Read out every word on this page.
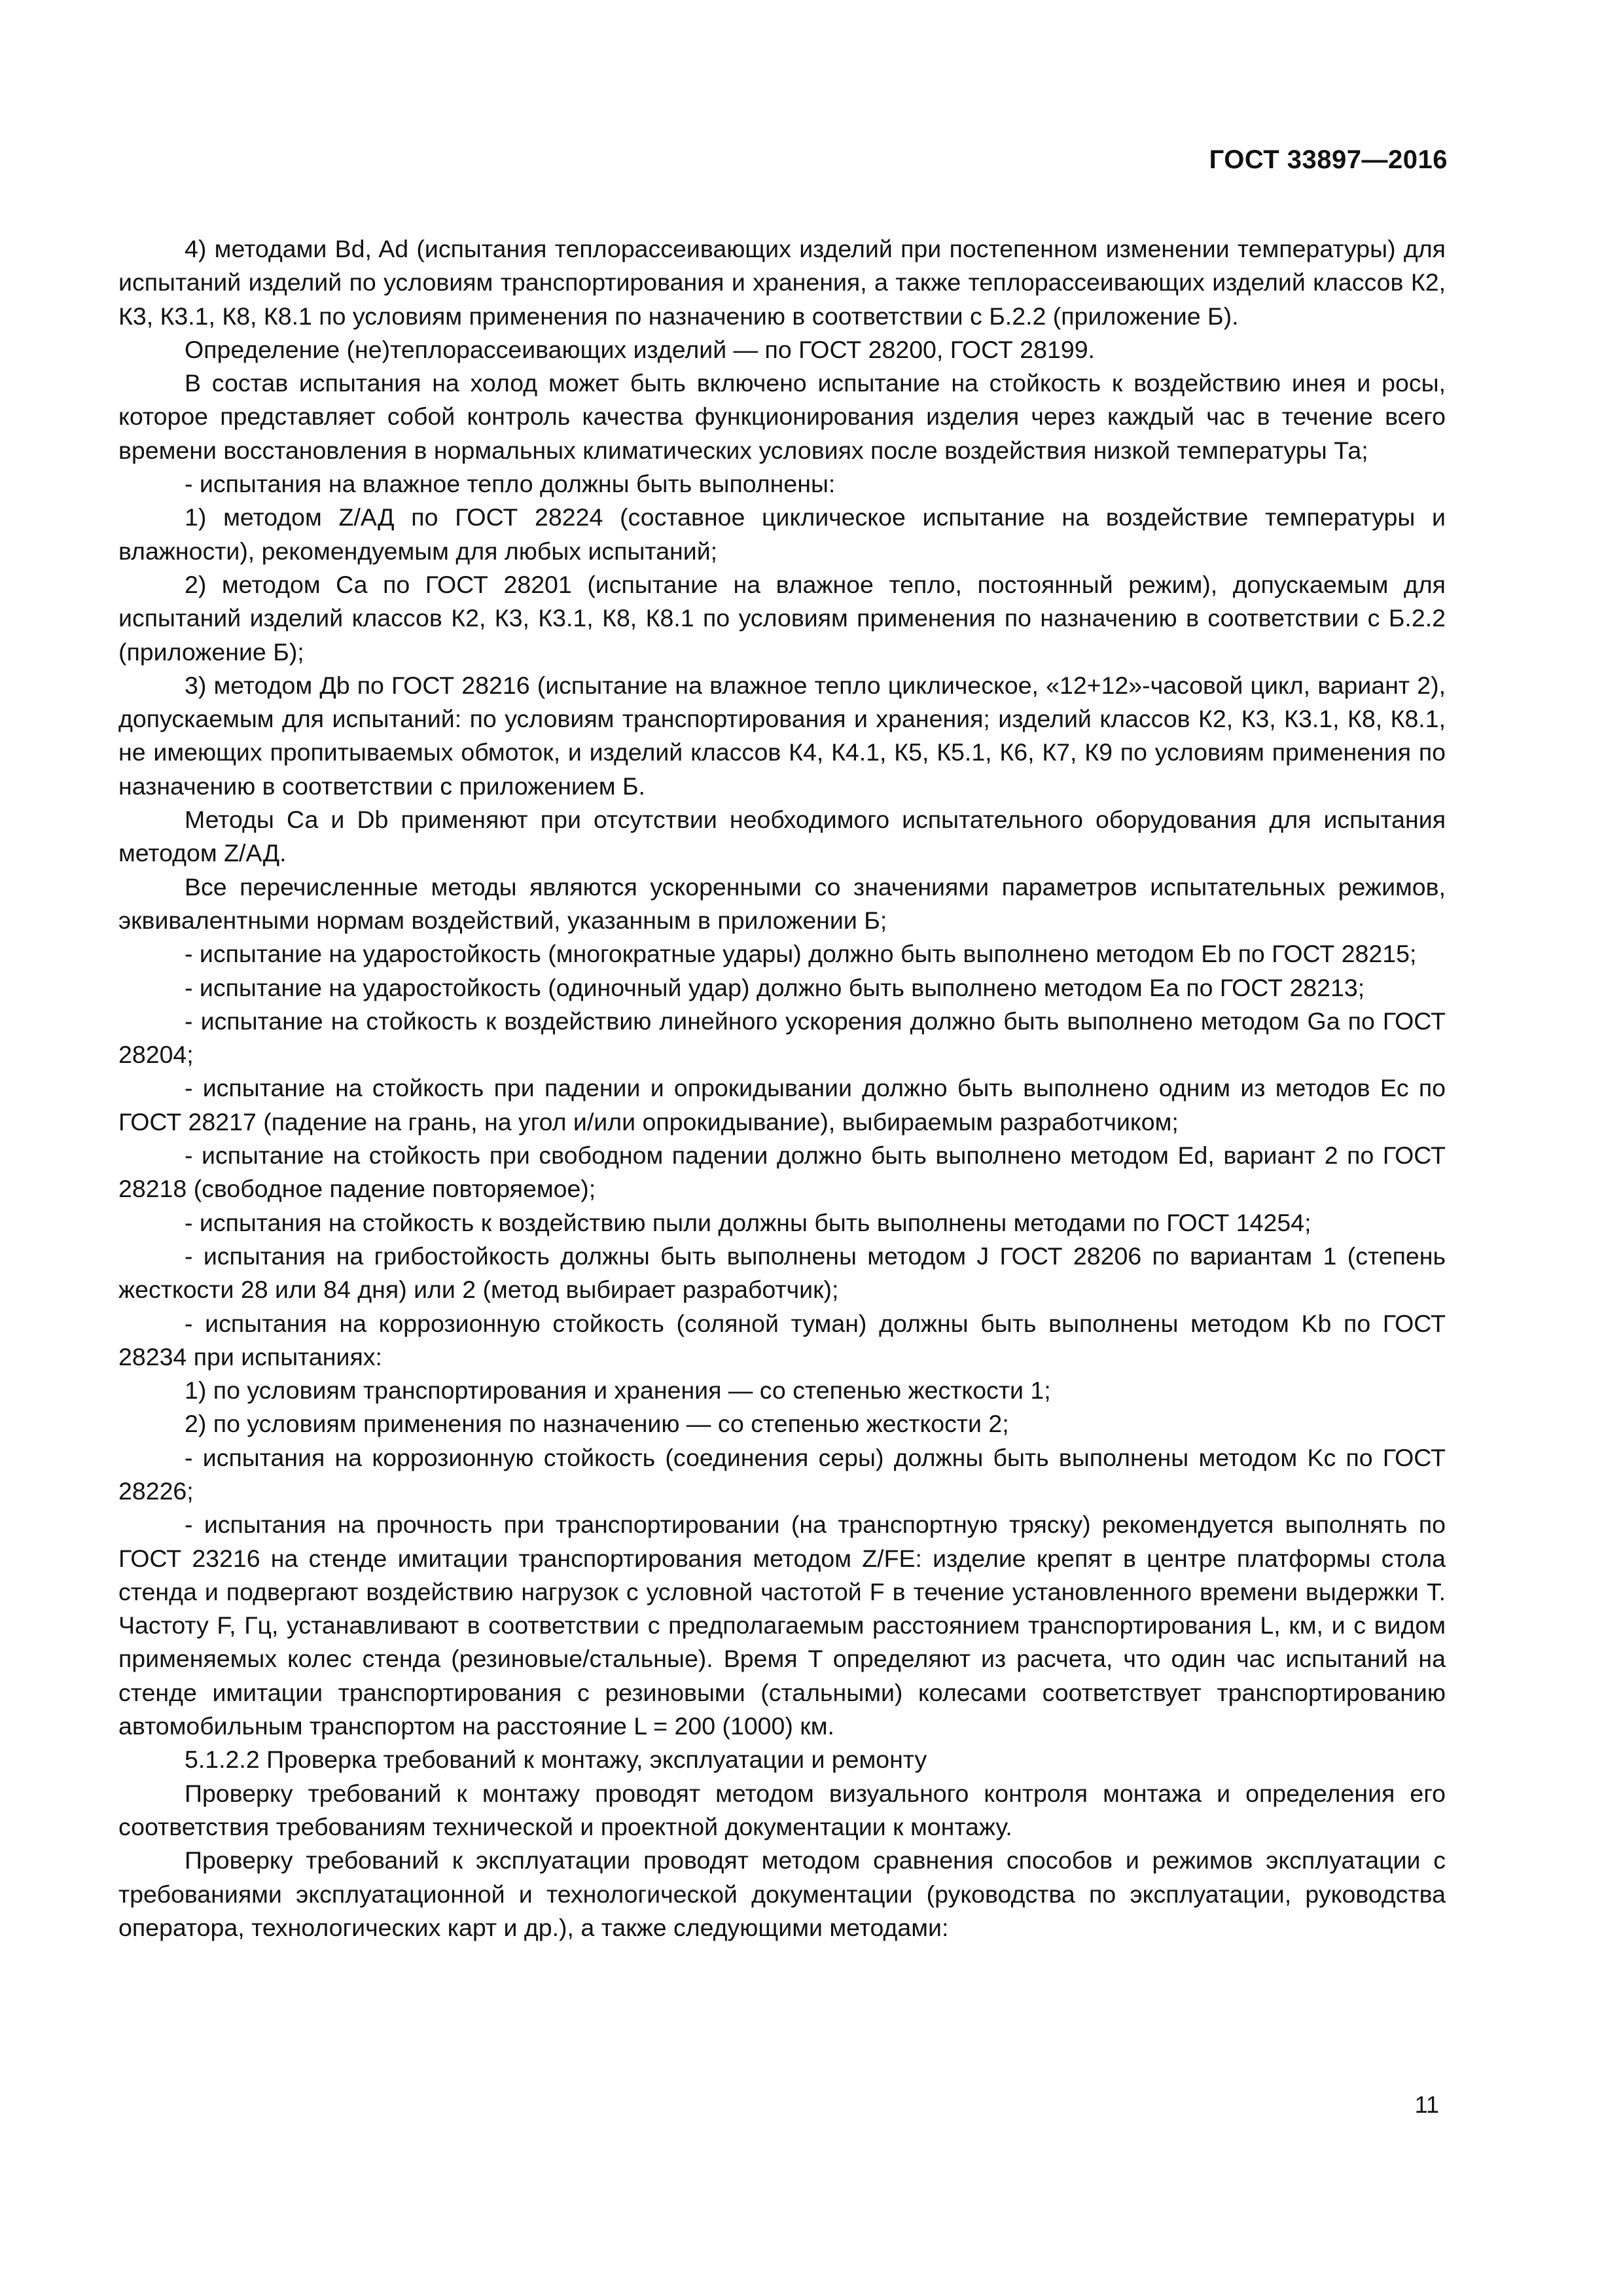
ГОСТ 33897—2016

4) методами Bd, Ad (испытания теплорассеивающих изделий при постепенном изменении температуры) для испытаний изделий по условиям транспортирования и хранения, а также теплорассеивающих изделий классов К2, К3, К3.1, К8, К8.1 по условиям применения по назначению в соответствии с Б.2.2 (приложение Б).

Определение (не)теплорассеивающих изделий — по ГОСТ 28200, ГОСТ 28199.

В состав испытания на холод может быть включено испытание на стойкость к воздействию инея и росы, которое представляет собой контроль качества функционирования изделия через каждый час в течение всего времени восстановления в нормальных климатических условиях после воздействия низкой температуры Та;

- испытания на влажное тепло должны быть выполнены:

1) методом Z/АД по ГОСТ 28224 (составное циклическое испытание на воздействие температуры и влажности), рекомендуемым для любых испытаний;

2) методом Са по ГОСТ 28201 (испытание на влажное тепло, постоянный режим), допускаемым для испытаний изделий классов К2, К3, К3.1, К8, К8.1 по условиям применения по назначению в соответствии с Б.2.2 (приложение Б);

3) методом Дb по ГОСТ 28216 (испытание на влажное тепло циклическое, «12+12»-часовой цикл, вариант 2), допускаемым для испытаний: по условиям транспортирования и хранения; изделий классов К2, К3, К3.1, К8, К8.1, не имеющих пропитываемых обмоток, и изделий классов К4, К4.1, К5, К5.1, К6, К7, К9 по условиям применения по назначению в соответствии с приложением Б.

Методы Са и Db применяют при отсутствии необходимого испытательного оборудования для испытания методом Z/АД.

Все перечисленные методы являются ускоренными со значениями параметров испытательных режимов, эквивалентными нормам воздействий, указанным в приложении Б;

- испытание на ударостойкость (многократные удары) должно быть выполнено методом Eb по ГОСТ 28215;

- испытание на ударостойкость (одиночный удар) должно быть выполнено методом Ea по ГОСТ 28213;

- испытание на стойкость к воздействию линейного ускорения должно быть выполнено методом Ga по ГОСТ 28204;

- испытание на стойкость при падении и опрокидывании должно быть выполнено одним из методов Ec по ГОСТ 28217 (падение на грань, на угол и/или опрокидывание), выбираемым разработчиком;

- испытание на стойкость при свободном падении должно быть выполнено методом Ed, вариант 2 по ГОСТ 28218 (свободное падение повторяемое);

- испытания на стойкость к воздействию пыли должны быть выполнены методами по ГОСТ 14254;

- испытания на грибостойкость должны быть выполнены методом J ГОСТ 28206 по вариантам 1 (степень жесткости 28 или 84 дня) или 2 (метод выбирает разработчик);

- испытания на коррозионную стойкость (соляной туман) должны быть выполнены методом Kb по ГОСТ 28234 при испытаниях:

1) по условиям транспортирования и хранения — со степенью жесткости 1;

2) по условиям применения по назначению — со степенью жесткости 2;

- испытания на коррозионную стойкость (соединения серы) должны быть выполнены методом Kc по ГОСТ 28226;

- испытания на прочность при транспортировании (на транспортную тряску) рекомендуется выполнять по ГОСТ 23216 на стенде имитации транспортирования методом Z/FE: изделие крепят в центре платформы стола стенда и подвергают воздействию нагрузок с условной частотой F в течение установленного времени выдержки T. Частоту F, Гц, устанавливают в соответствии с предполагаемым расстоянием транспортирования L, км, и с видом применяемых колес стенда (резиновые/стальные). Время T определяют из расчета, что один час испытаний на стенде имитации транспортирования с резиновыми (стальными) колесами соответствует транспортированию автомобильным транспортом на расстояние L = 200 (1000) км.

5.1.2.2 Проверка требований к монтажу, эксплуатации и ремонту

Проверку требований к монтажу проводят методом визуального контроля монтажа и определения его соответствия требованиям технической и проектной документации к монтажу.

Проверку требований к эксплуатации проводят методом сравнения способов и режимов эксплуатации с требованиями эксплуатационной и технологической документации (руководства по эксплуатации, руководства оператора, технологических карт и др.), а также следующими методами:

11
